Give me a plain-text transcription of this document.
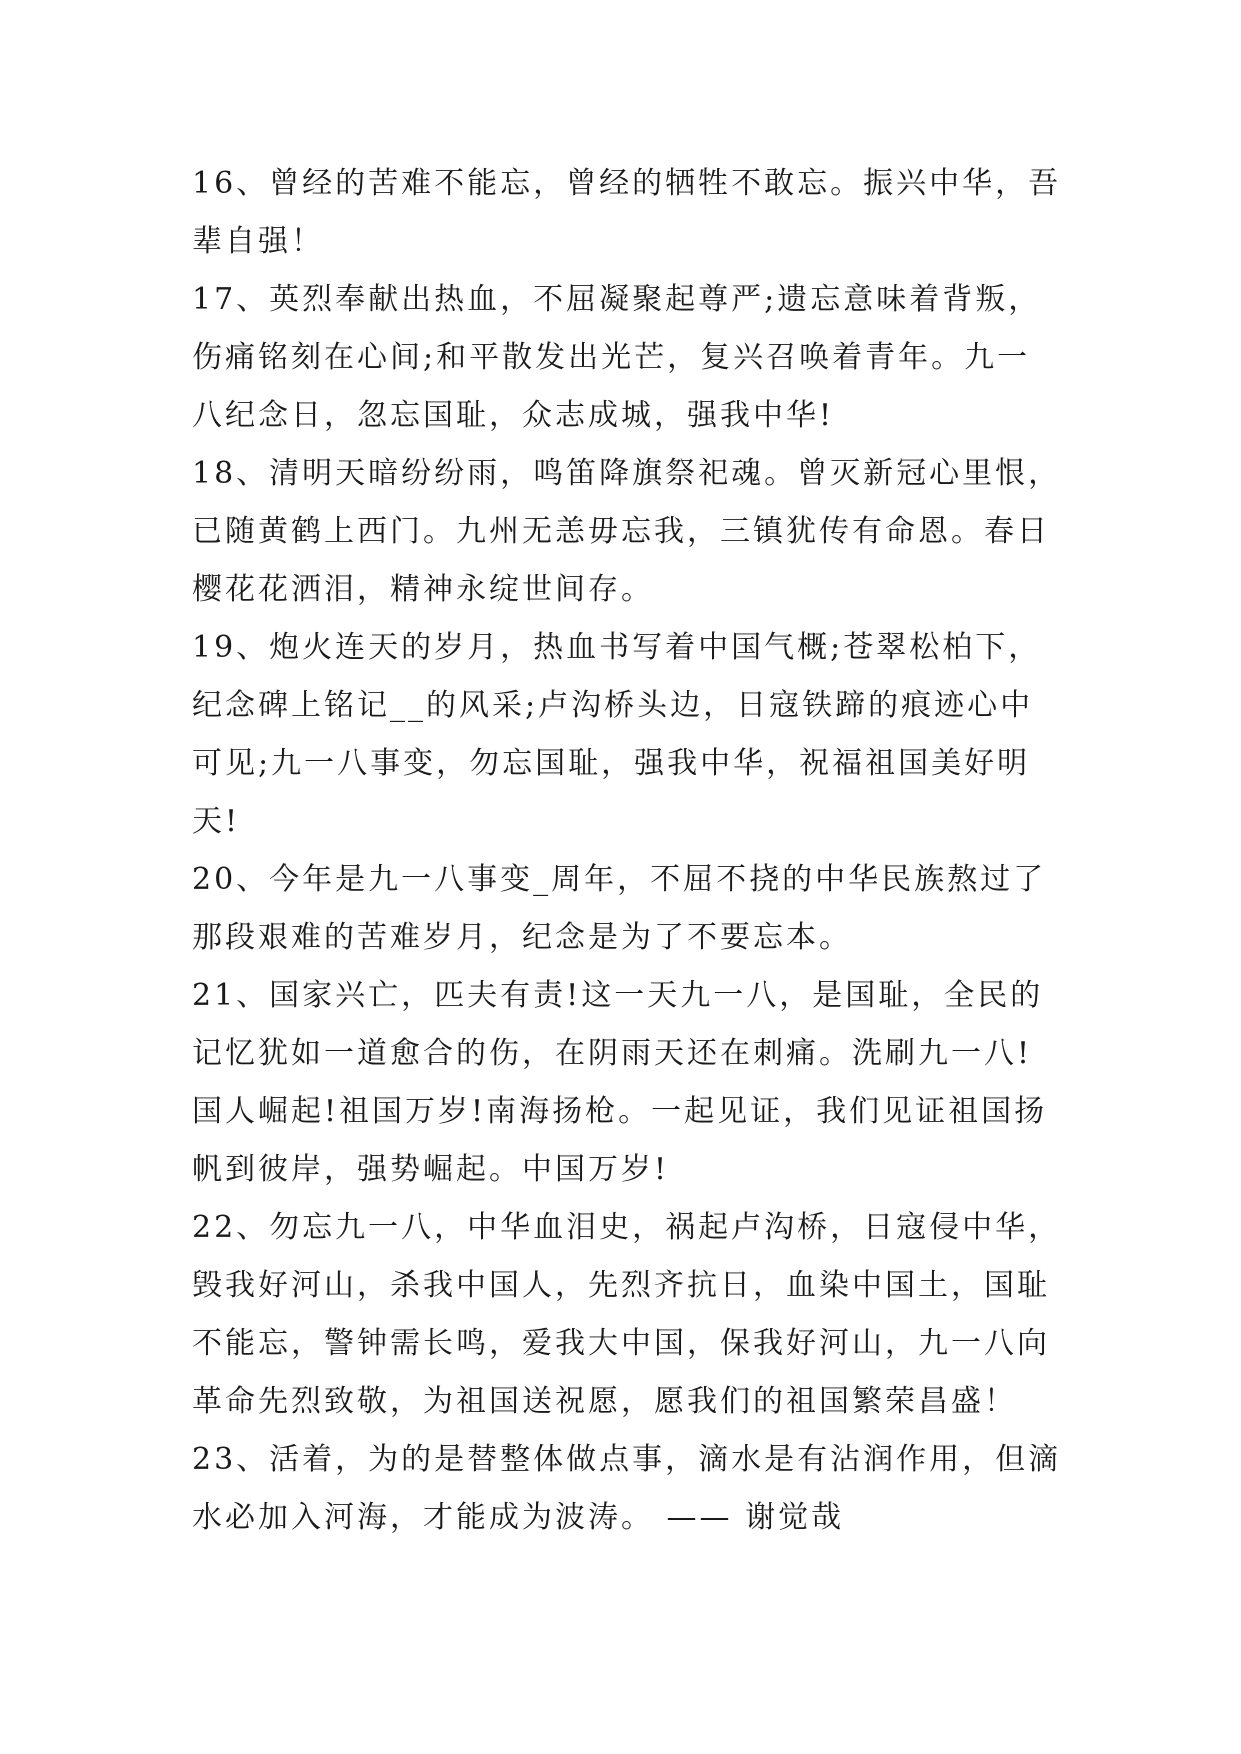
16、曾经的苦难不能忘，曾经的牺牲不敢忘。振兴中华，吾
辈自强！
17、英烈奉献出热血，不屈凝聚起尊严;遗忘意味着背叛，
伤痛铭刻在心间;和平散发出光芒，复兴召唤着青年。九一
八纪念日，忽忘国耻，众志成城，强我中华!
18、清明天暗纷纷雨，鸣笛降旗祭祀魂。曾灭新冠心里恨，
已随黄鹤上西门。九州无恙毋忘我，三镇犹传有命恩。春日
樱花花洒泪，精神永绽世间存。
19、炮火连天的岁月，热血书写着中国气概;苍翠松柏下，
纪念碑上铭记__的风采;卢沟桥头边，日寇铁蹄的痕迹心中
可见;九一八事变，勿忘国耻，强我中华，祝福祖国美好明
天!
20、今年是九一八事变_周年，不屈不挠的中华民族熬过了
那段艰难的苦难岁月，纪念是为了不要忘本。
21、国家兴亡，匹夫有责!这一天九一八，是国耻，全民的
记忆犹如一道愈合的伤，在阴雨天还在刺痛。洗刷九一八!
国人崛起!祖国万岁!南海扬枪。一起见证，我们见证祖国扬
帆到彼岸，强势崛起。中国万岁!
22、勿忘九一八，中华血泪史，祸起卢沟桥，日寇侵中华，
毁我好河山，杀我中国人，先烈齐抗日，血染中国土，国耻
不能忘，警钟需长鸣，爱我大中国，保我好河山，九一八向
革命先烈致敬，为祖国送祝愿，愿我们的祖国繁荣昌盛！
23、活着，为的是替整体做点事，滴水是有沾润作用，但滴
水必加入河海，才能成为波涛。 —— 谢觉哉
